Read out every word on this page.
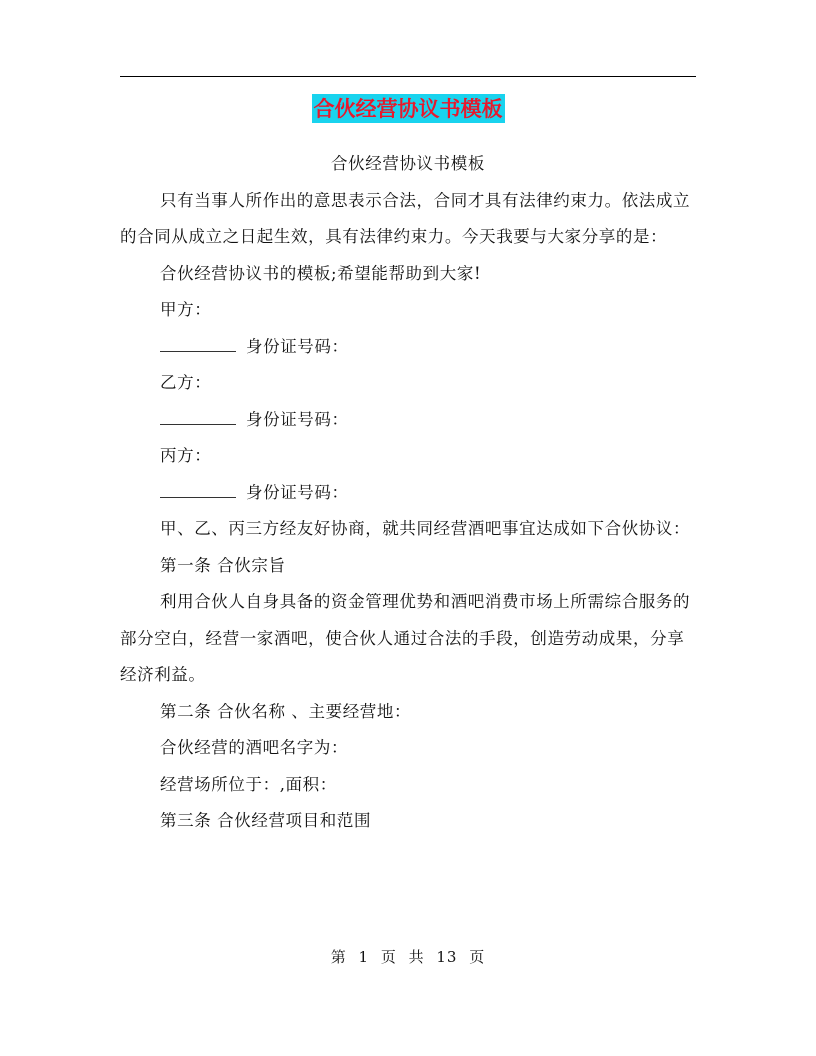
合伙经营协议书模板

合伙经营协议书模板

只有当事人所作出的意思表示合法，合同才具有法律约束力。依法成立的合同从成立之日起生效，具有法律约束力。今天我要与大家分享的是：

合伙经营协议书的模板;希望能帮助到大家!

甲方：

身份证号码：

乙方：

身份证号码：

丙方：

身份证号码：

甲、乙、丙三方经友好协商，就共同经营酒吧事宜达成如下合伙协议：

第一条 合伙宗旨

利用合伙人自身具备的资金管理优势和酒吧消费市场上所需综合服务的部分空白，经营一家酒吧，使合伙人通过合法的手段，创造劳动成果，分享经济利益。

第二条 合伙名称 、主要经营地：

合伙经营的酒吧名字为：

经营场所位于：,面积：

第三条 合伙经营项目和范围

第 1 页 共 13 页
